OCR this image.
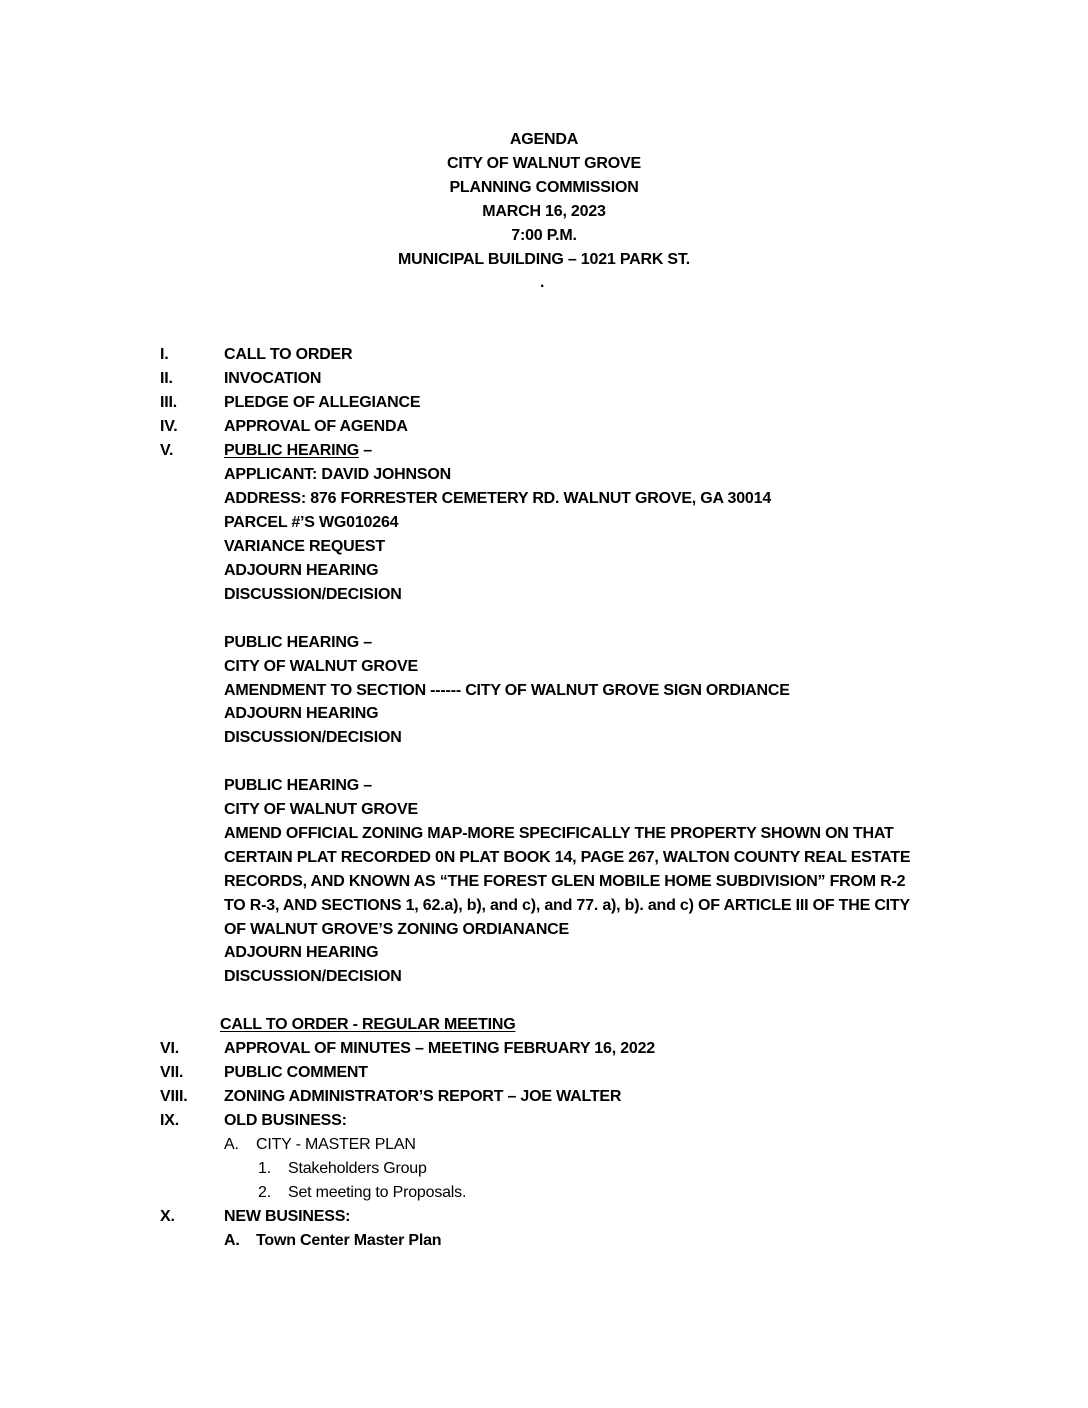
AGENDA
CITY OF WALNUT GROVE
PLANNING COMMISSION
MARCH 16, 2023
7:00 P.M.
MUNICIPAL BUILDING – 1021 PARK ST.
.
I.	CALL TO ORDER
II.	INVOCATION
III.	PLEDGE OF ALLEGIANCE
IV.	APPROVAL OF AGENDA
V.	PUBLIC HEARING –
APPLICANT: DAVID JOHNSON
ADDRESS: 876 FORRESTER CEMETERY RD. WALNUT GROVE, GA 30014
PARCEL #’S WG010264
VARIANCE REQUEST
ADJOURN HEARING
DISCUSSION/DECISION
PUBLIC HEARING –
CITY OF WALNUT GROVE
AMENDMENT TO SECTION ------ CITY OF WALNUT GROVE SIGN ORDIANCE
ADJOURN HEARING
DISCUSSION/DECISION
PUBLIC HEARING –
CITY OF WALNUT GROVE
AMEND OFFICIAL ZONING MAP-MORE SPECIFICALLY THE PROPERTY SHOWN ON THAT
CERTAIN PLAT RECORDED 0N PLAT BOOK 14, PAGE 267, WALTON COUNTY REAL ESTATE
RECORDS, AND KNOWN AS “THE FOREST GLEN MOBILE HOME SUBDIVISION” FROM R-2
TO R-3, AND SECTIONS 1, 62.a), b), and c), and 77. a), b). and c) OF ARTICLE III OF THE CITY
OF WALNUT GROVE’S ZONING ORDIANANCE
ADJOURN HEARING
DISCUSSION/DECISION
CALL TO ORDER - REGULAR MEETING
VI.	APPROVAL OF MINUTES – MEETING FEBRUARY 16, 2022
VII.	PUBLIC COMMENT
VIII. ZONING ADMINISTRATOR’S REPORT – JOE WALTER
IX.	OLD BUSINESS:
A. CITY - MASTER PLAN
1. Stakeholders Group
2. Set meeting to Proposals.
X.	NEW BUSINESS:
A. Town Center Master Plan
